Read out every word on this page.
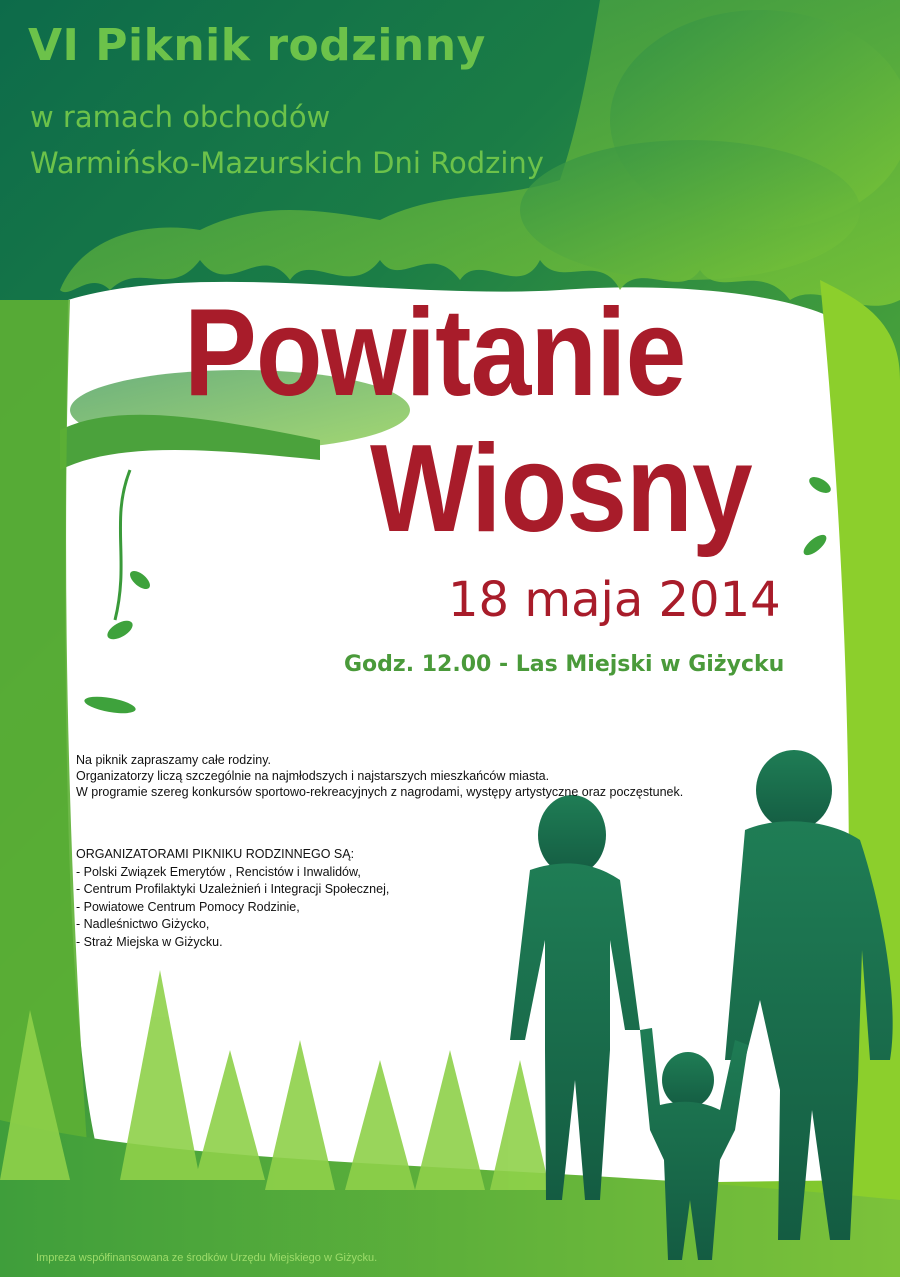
VI Piknik rodzinny
w ramach obchodów
Warmińsko-Mazurskich Dni Rodziny
Powitanie
Wiosny
18 maja 2014
Godz. 12.00 - Las Miejski w Giżycku
Na piknik zapraszamy całe rodziny.
Organizatorzy liczą szczególnie na najmłodszych i najstarszych mieszkańców miasta.
W programie szereg konkursów sportowo-rekreacyjnych z nagrodami, występy artystyczne oraz poczęstunek.
ORGANIZATORAMI PIKNIKU RODZINNEGO SĄ:
- Polski Związek Emerytów , Rencistów i Inwalidów,
- Centrum Profilaktyki Uzależnień i Integracji Społecznej,
- Powiatowe Centrum Pomocy Rodzinie,
- Nadleśnictwo Giżycko,
- Straż Miejska w Giżycku.
Impreza współfinansowana ze środków Urzędu Miejskiego w Giżycku.
